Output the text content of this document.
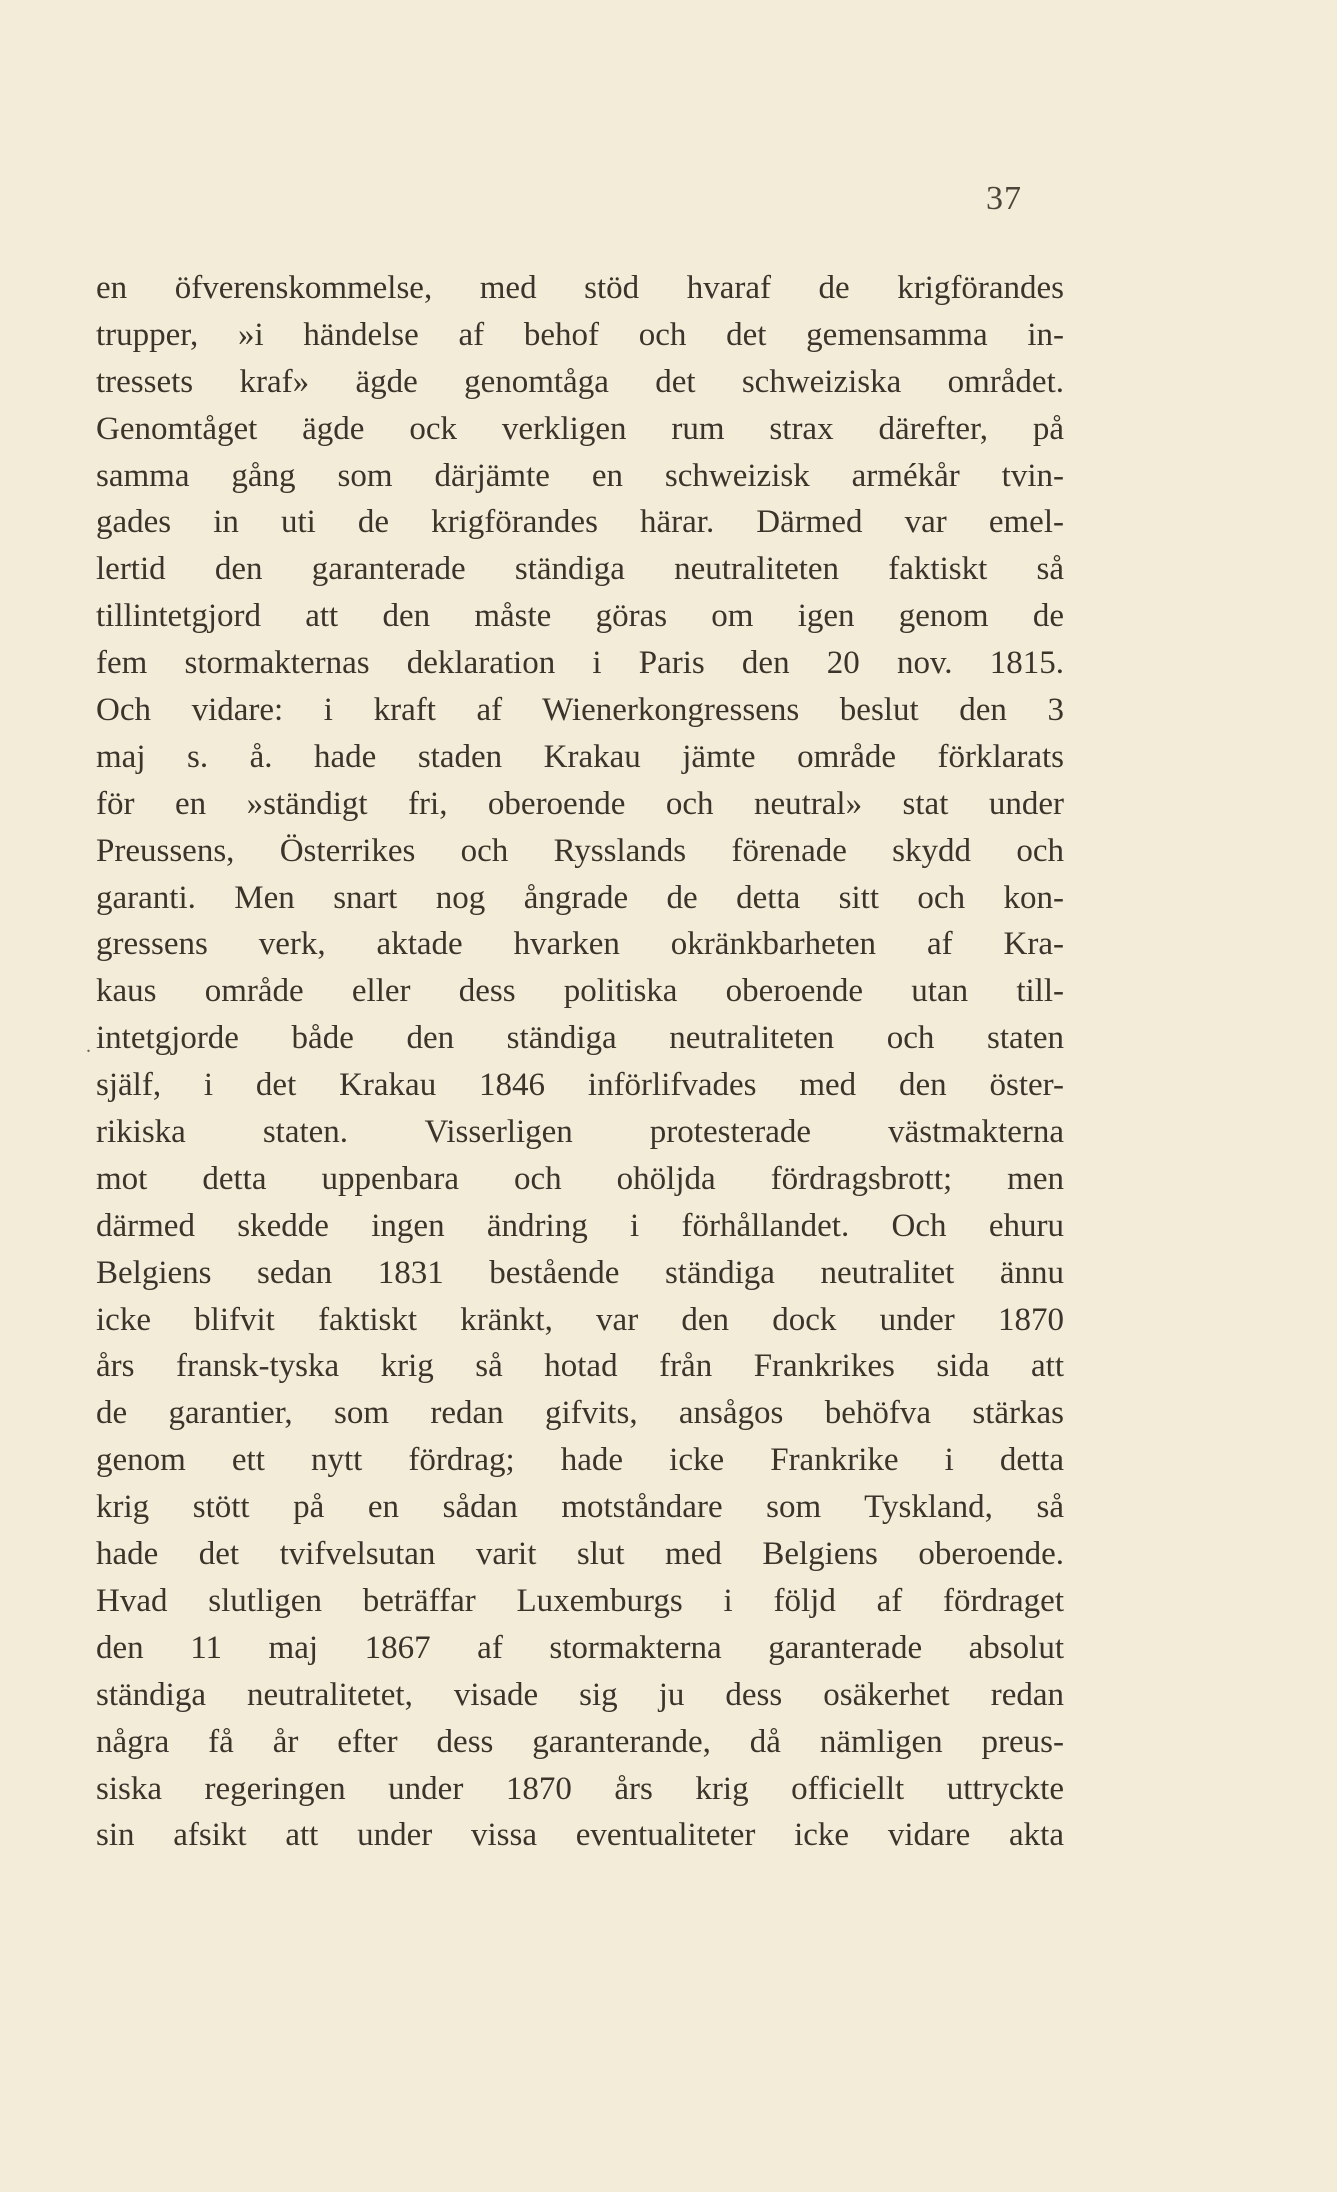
37
.
en öfverenskommelse, med stöd hvaraf de krigförandes
trupper, »i händelse af behof och det gemensamma in-
tressets kraf» ägde genomtåga det schweiziska området.
Genomtåget ägde ock verkligen rum strax därefter, på
samma gång som därjämte en schweizisk armékår tvin-
gades in uti de krigförandes härar. Därmed var emel-
lertid den garanterade ständiga neutraliteten faktiskt så
tillintetgjord att den måste göras om igen genom de
fem stormakternas deklaration i Paris den 20 nov. 1815.
Och vidare: i kraft af Wienerkongressens beslut den 3
maj s. å. hade staden Krakau jämte område förklarats
för en »ständigt fri, oberoende och neutral» stat under
Preussens, Österrikes och Rysslands förenade skydd och
garanti. Men snart nog ångrade de detta sitt och kon-
gressens verk, aktade hvarken okränkbarheten af Kra-
kaus område eller dess politiska oberoende utan till-
intetgjorde både den ständiga neutraliteten och staten
själf, i det Krakau 1846 införlifvades med den öster-
rikiska staten. Visserligen protesterade västmakterna
mot detta uppenbara och ohöljda fördragsbrott; men
därmed skedde ingen ändring i förhållandet. Och ehuru
Belgiens sedan 1831 bestående ständiga neutralitet ännu
icke blifvit faktiskt kränkt, var den dock under 1870
års fransk-tyska krig så hotad från Frankrikes sida att
de garantier, som redan gifvits, ansågos behöfva stärkas
genom ett nytt fördrag; hade icke Frankrike i detta
krig stött på en sådan motståndare som Tyskland, så
hade det tvifvelsutan varit slut med Belgiens oberoende.
Hvad slutligen beträffar Luxemburgs i följd af fördraget
den 11 maj 1867 af stormakterna garanterade absolut
ständiga neutralitetet, visade sig ju dess osäkerhet redan
några få år efter dess garanterande, då nämligen preus-
siska regeringen under 1870 års krig officiellt uttryckte
sin afsikt att under vissa eventualiteter icke vidare akta
